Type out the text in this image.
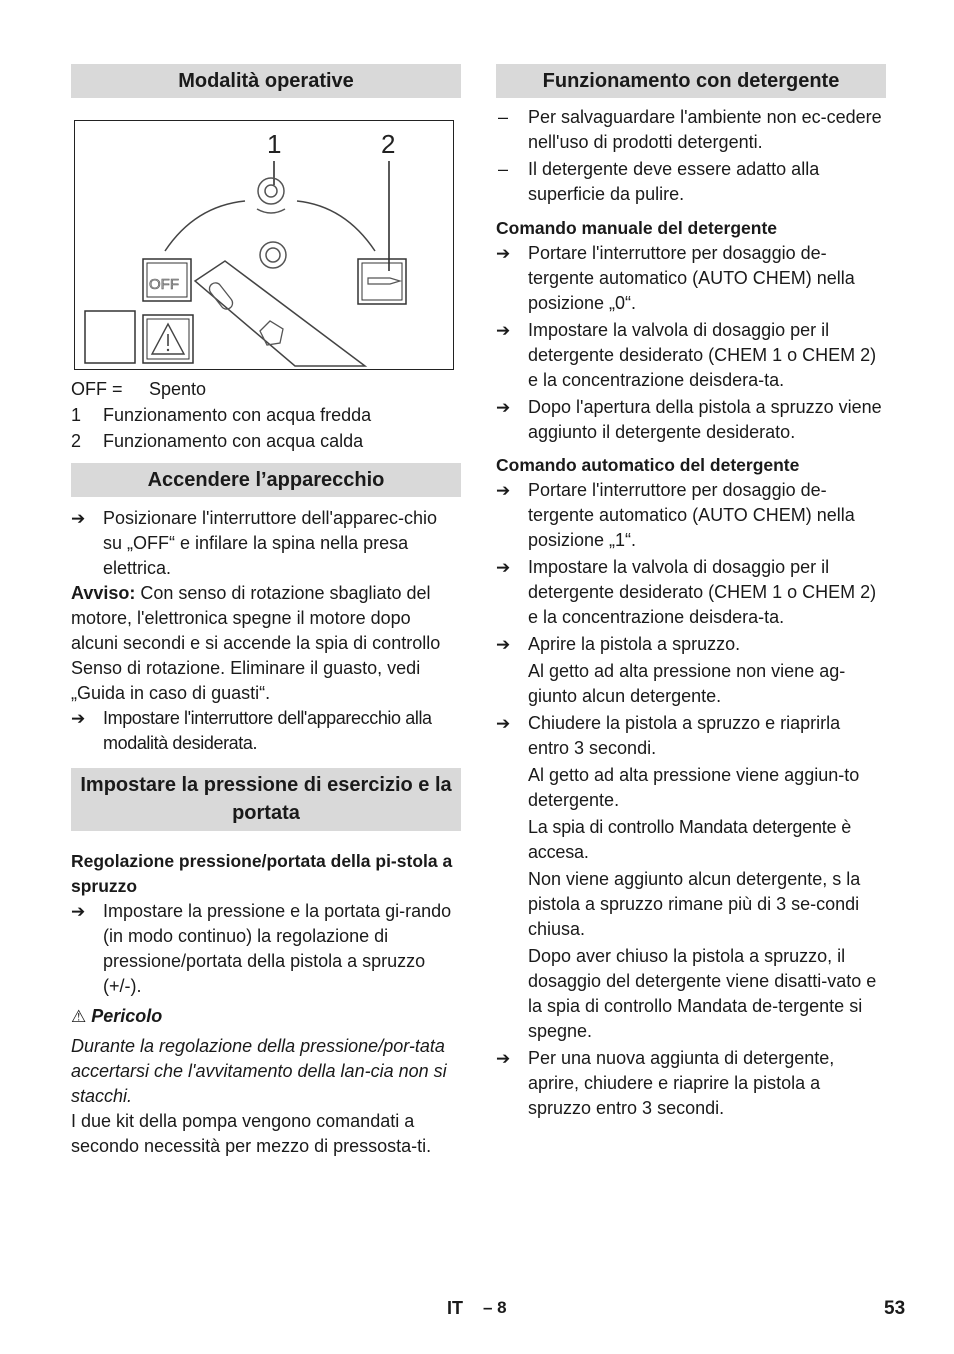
Modalità operative
1	2
OFF

OFF = Spento

1 Funzionamento con acqua fredda

2 Funzionamento con acqua calda

Accendere l’apparecchio
➔ Posizionare l'interruttore dell'apparec-chio su „OFF“ e infilare la spina nella presa elettrica.

Avviso: Con senso di rotazione sbagliato del motore, l'elettronica spegne il motore dopo alcuni secondi e si accende la spia di controllo Senso di rotazione. Eliminare il guasto, vedi „Guida in caso di guasti“.

➔	Impostare l'interruttore dell'apparecchio alla modalità desiderata.
Impostare la pressione di esercizio e la portata

Regolazione pressione/portata della pi-stola a spruzzo

➔ Impostare la pressione e la portata gi-rando (in modo continuo) la regolazione di pressione/portata della pistola a spruzzo (+/-).

⚠ Pericolo

Durante la regolazione della pressione/por-tata accertarsi che l'avvitamento della lan-cia non si stacchi.

I due kit della pompa vengono comandati a secondo necessità per mezzo di pressosta-ti.

Funzionamento con detergente
– Per salvaguardare l'ambiente non ec-cedere nell'uso di prodotti detergenti.
– Il detergente deve essere adatto alla superficie da pulire.

Comando manuale del detergente

➔ Portare l'interruttore per dosaggio de-tergente automatico (AUTO CHEM) nella posizione „0“.
➔ Impostare la valvola di dosaggio per il detergente desiderato (CHEM 1 o CHEM 2) e la concentrazione deisdera-ta.
➔ Dopo l'apertura della pistola a spruzzo viene aggiunto il detergente desiderato.

Comando automatico del detergente

➔ Portare l'interruttore per dosaggio de-tergente automatico (AUTO CHEM) nella posizione „1“.
➔ Impostare la valvola di dosaggio per il detergente desiderato (CHEM 1 o CHEM 2) e la concentrazione deisdera-ta.
➔ Aprire la pistola a spruzzo.

Al getto ad alta pressione non viene ag-giunto alcun detergente.

➔ Chiudere la pistola a spruzzo e riaprirla entro 3 secondi.

Al getto ad alta pressione viene aggiun-to detergente.

La spia di controllo Mandata detergente è accesa.

Non viene aggiunto alcun detergente, s la pistola a spruzzo rimane più di 3 se-condi chiusa.

Dopo aver chiuso la pistola a spruzzo, il dosaggio del detergente viene disatti-vato e la spia di controllo Mandata de-tergente si spegne.

➔ Per una nuova aggiunta di detergente, aprire, chiudere e riaprire la pistola a spruzzo entro 3 secondi.
IT – 8	53
